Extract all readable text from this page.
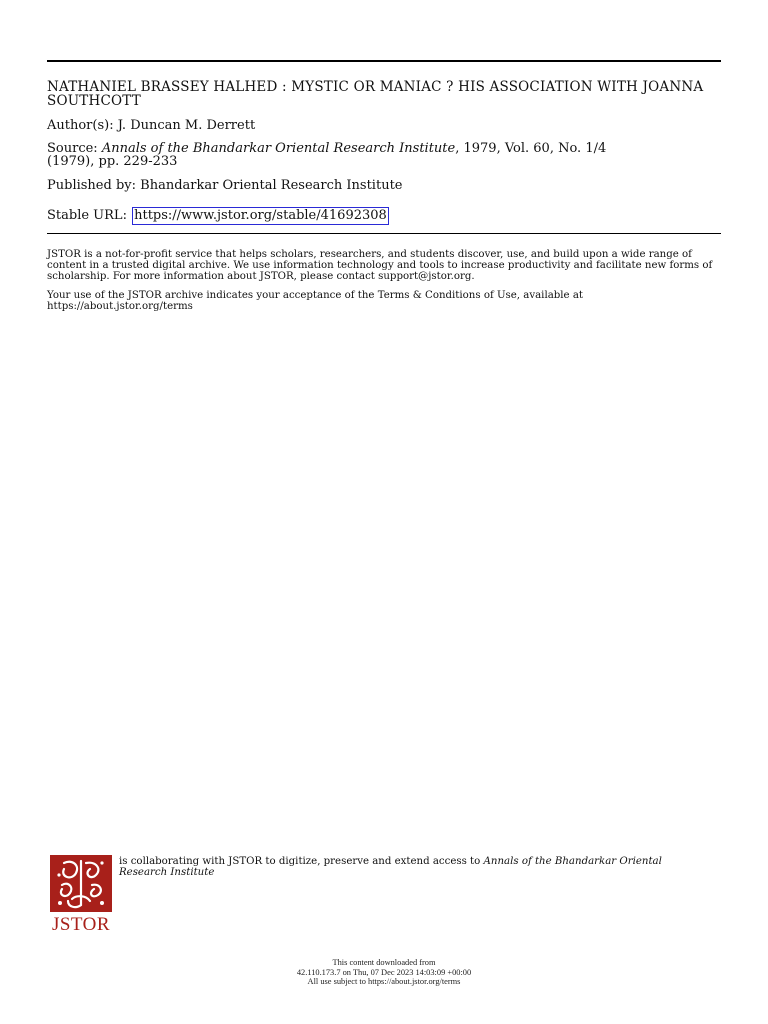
NATHANIEL BRASSEY HALHED : MYSTIC OR MANIAC ? HIS ASSOCIATION WITH JOANNA SOUTHCOTT
Author(s): J. Duncan M. Derrett
Source: Annals of the Bhandarkar Oriental Research Institute, 1979, Vol. 60, No. 1/4
(1979), pp. 229-233
Published by: Bhandarkar Oriental Research Institute
Stable URL: https://www.jstor.org/stable/41692308
JSTOR is a not-for-profit service that helps scholars, researchers, and students discover, use, and build upon a wide range of content in a trusted digital archive. We use information technology and tools to increase productivity and facilitate new forms of scholarship. For more information about JSTOR, please contact support@jstor.org.
Your use of the JSTOR archive indicates your acceptance of the Terms & Conditions of Use, available at https://about.jstor.org/terms
JSTOR
is collaborating with JSTOR to digitize, preserve and extend access to Annals of the Bhandarkar Oriental Research Institute
This content downloaded from
42.110.173.7 on Thu, 07 Dec 2023 14:03:09 +00:00
All use subject to https://about.jstor.org/terms
